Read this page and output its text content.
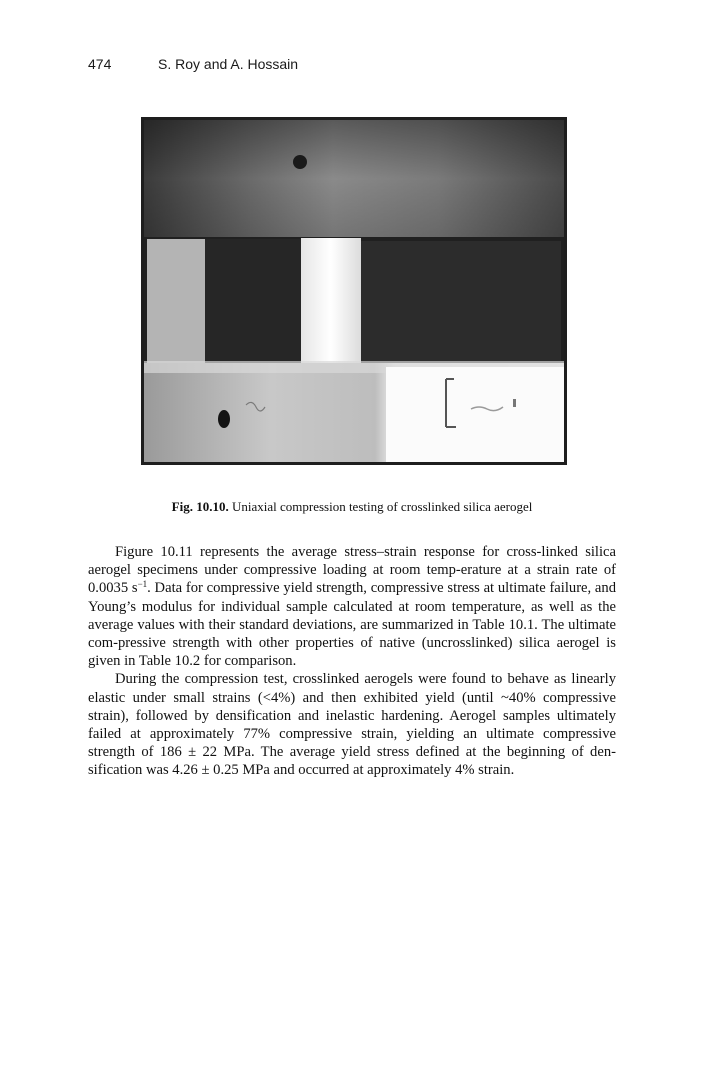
474	S. Roy and A. Hossain
Fig. 10.10. Uniaxial compression testing of crosslinked silica aerogel

Figure 10.11 represents the average stress–strain response for cross-linked silica aerogel specimens under compressive loading at room temp-erature at a strain rate of 0.0035 $s^{-1}$. Data for compressive yield strength, compressive stress at ultimate failure, and Young’s modulus for individual sample calculated at room temperature, as well as the average values with their standard deviations, are summarized in Table 10.1. The ultimate com-pressive strength with other properties of native (uncrosslinked) silica aerogel is given in Table 10.2 for comparison.

During the compression test, crosslinked aerogels were found to behave as linearly elastic under small strains (<4%) and then exhibited yield (until ~40% compressive strain), followed by densification and inelastic hardening. Aerogel samples ultimately failed at approximately 77% compressive strain, yielding an ultimate compressive strength of 186 ± 22 MPa. The average yield stress defined at the beginning of den-sification was 4.26 ± 0.25 MPa and occurred at approximately 4% strain.
